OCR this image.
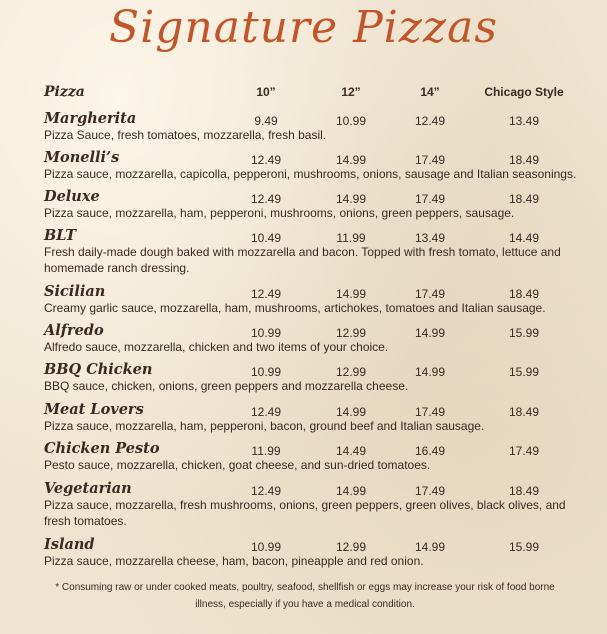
Signature Pizzas
Pizza	10”	12”	14”	Chicago Style
Margherita	9.49	10.99	12.49	13.49
Pizza Sauce, fresh tomatoes, mozzarella, fresh basil.
Monelli’s	12.49	14.99	17.49	18.49
Pizza sauce, mozzarella, capicolla, pepperoni, mushrooms, onions, sausage and Italian seasonings.
Deluxe	12.49	14.99	17.49	18.49
Pizza sauce, mozzarella, ham, pepperoni, mushrooms, onions, green peppers, sausage.
BLT	10.49	11.99	13.49	14.49
Fresh daily-made dough baked with mozzarella and bacon. Topped with fresh tomato, lettuce and homemade ranch dressing.
Sicilian	12.49	14.99	17.49	18.49
Creamy garlic sauce, mozzarella, ham, mushrooms, artichokes, tomatoes and Italian sausage.
Alfredo	10.99	12.99	14.99	15.99
Alfredo sauce, mozzarella, chicken and two items of your choice.
BBQ Chicken	10.99	12.99	14.99	15.99
BBQ sauce, chicken, onions, green peppers and mozzarella cheese.
Meat Lovers	12.49	14.99	17.49	18.49
Pizza sauce, mozzarella, ham, pepperoni, bacon, ground beef and Italian sausage.
Chicken Pesto	11.99	14.49	16.49	17.49
Pesto sauce, mozzarella, chicken, goat cheese, and sun-dried tomatoes.
Vegetarian	12.49	14.99	17.49	18.49
Pizza sauce, mozzarella, fresh mushrooms, onions, green peppers, green olives, black olives, and fresh tomatoes.
Island	10.99	12.99	14.99	15.99
Pizza sauce, mozzarella cheese, ham, bacon, pineapple and red onion.
* Consuming raw or under cooked meats, poultry, seafood, shellfish or eggs may increase your risk of food borne illness, especially if you have a medical condition.
